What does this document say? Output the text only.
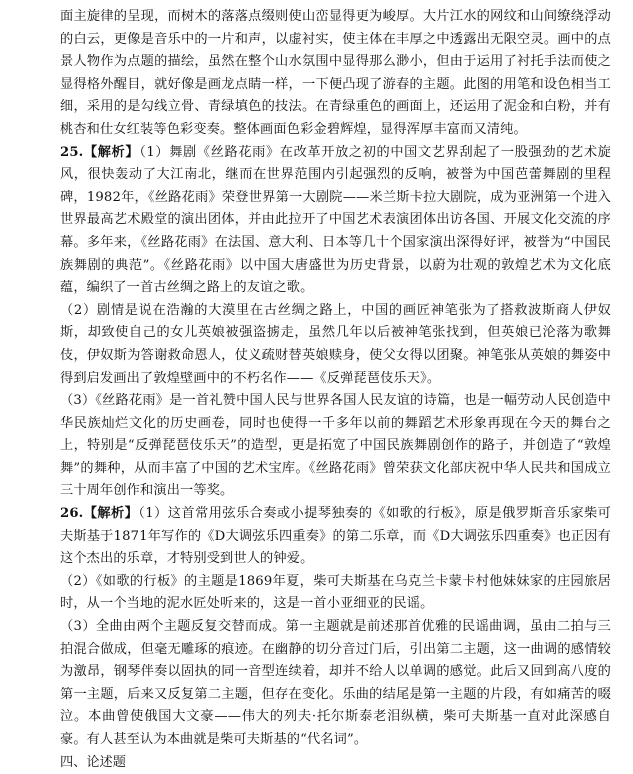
面主旋律的呈现，而树木的落落点缀则使山峦显得更为峻厚。大片江水的网纹和山间缭绕浮动的白云，更像是音乐中的一片和声，以虚衬实，使主体在丰厚之中透露出无限空灵。画中的点景人物作为点题的描绘，虽然在整个山水氛围中显得那么渺小，但由于运用了衬托手法而使之显得格外醒目，就好像是画龙点睛一样，一下便凸现了游春的主题。此图的用笔和设色相当工细，采用的是勾线立骨、青绿填色的技法。在青绿重色的画面上，还运用了泥金和白粉，并有桃杏和仕女红装等色彩变奏。整体画面色彩金碧辉煌，显得浑厚丰富而又清纯。

25.【解析】（1）舞剧《丝路花雨》在改革开放之初的中国文艺界刮起了一股强劲的艺术旋风，很快轰动了大江南北，继而在世界范围内引起强烈的反响，被誉为中国芭蕾舞剧的里程碑，1982年，《丝路花雨》荣登世界第一大剧院——米兰斯卡拉大剧院，成为亚洲第一个进入世界最高艺术殿堂的演出团体，并由此拉开了中国艺术表演团体出访各国、开展文化交流的序幕。多年来，《丝路花雨》在法国、意大利、日本等几十个国家演出深得好评，被誉为“中国民族舞剧的典范”。《丝路花雨》以中国大唐盛世为历史背景，以蔚为壮观的敦煌艺术为文化底蕴，编织了一首古丝绸之路上的友谊之歌。

（2）剧情是说在浩瀚的大漠里在古丝绸之路上，中国的画匠神笔张为了搭救波斯商人伊奴斯，却致使自己的女儿英娘被强盗掳走，虽然几年以后被神笔张找到，但英娘已沦落为歌舞伎，伊奴斯为答谢救命恩人，仗义疏财替英娘赎身，使父女得以团聚。神笔张从英娘的舞姿中得到启发画出了敦煌壁画中的不朽名作——《反弹琵琶伎乐天》。

（3）《丝路花雨》是一首礼赞中国人民与世界各国人民友谊的诗篇，也是一幅劳动人民创造中华民族灿烂文化的历史画卷，同时也使得一千多年以前的舞蹈艺术形象再现在今天的舞台之上，特别是“反弹琵琶伎乐天”的造型，更是拓宽了中国民族舞剧创作的路子，并创造了“敦煌舞”的舞种，从而丰富了中国的艺术宝库。《丝路花雨》曾荣获文化部庆祝中华人民共和国成立三十周年创作和演出一等奖。

26.【解析】（1）这首常用弦乐合奏或小提琴独奏的《如歌的行板》，原是俄罗斯音乐家柴可夫斯基于1871年写作的《D大调弦乐四重奏》的第二乐章，而《D大调弦乐四重奏》也正因有这个杰出的乐章，才特别受到世人的钟爱。

（2）《如歌的行板》的主题是1869年夏，柴可夫斯基在乌克兰卡蒙卡村他妹妹家的庄园旅居时，从一个当地的泥水匠处听来的，这是一首小亚细亚的民谣。

（3）全曲由两个主题反复交替而成。第一主题就是前述那首优雅的民谣曲调，虽由二拍与三拍混合做成，但毫无雕琢的痕迹。在幽静的切分音过门后，引出第二主题，这一曲调的感情较为激昂，钢琴伴奏以固执的同一音型连续着，却并不给人以单调的感觉。此后又回到高八度的第一主题，后来又反复第二主题，但存在变化。乐曲的结尾是第一主题的片段，有如痛苦的啜泣。本曲曾使俄国大文豪——伟大的列夫·托尔斯泰老泪纵横，柴可夫斯基一直对此深感自豪。有人甚至认为本曲就是柴可夫斯基的“代名词”。

四、论述题
